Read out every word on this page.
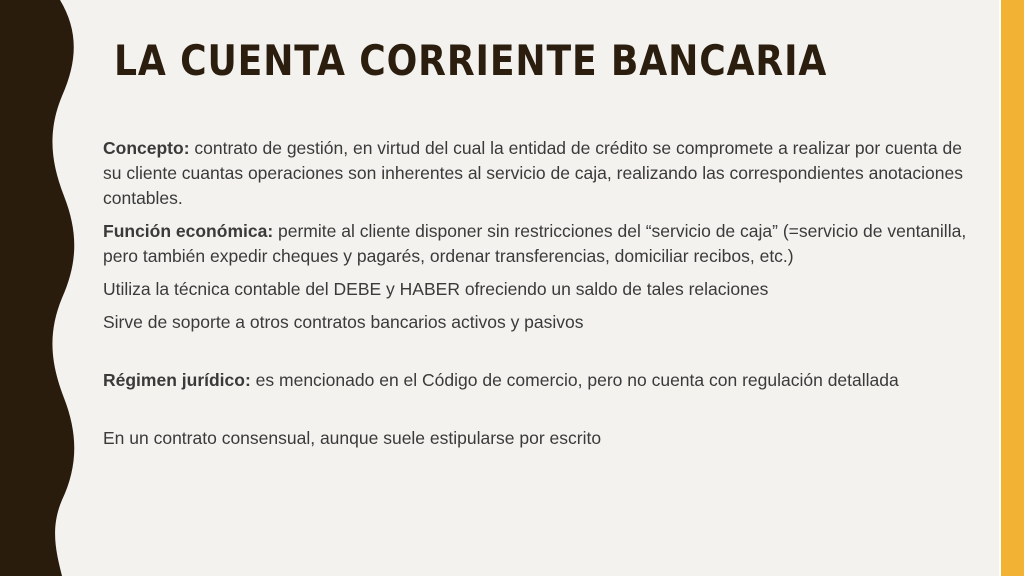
LA CUENTA CORRIENTE BANCARIA

Concepto: contrato de gestión, en virtud del cual la entidad de crédito se compromete a realizar por cuenta de su cliente cuantas operaciones son inherentes al servicio de caja, realizando las correspondientes anotaciones contables.

Función económica: permite al cliente disponer sin restricciones del “servicio de caja” (=servicio de ventanilla, pero también expedir cheques y pagarés, ordenar transferencias, domiciliar recibos, etc.)

Utiliza la técnica contable del DEBE y HABER ofreciendo un saldo de tales relaciones

Sirve de soporte a otros contratos bancarios activos y pasivos

Régimen jurídico: es mencionado en el Código de comercio, pero no cuenta con regulación detallada

En un contrato consensual, aunque suele estipularse por escrito
